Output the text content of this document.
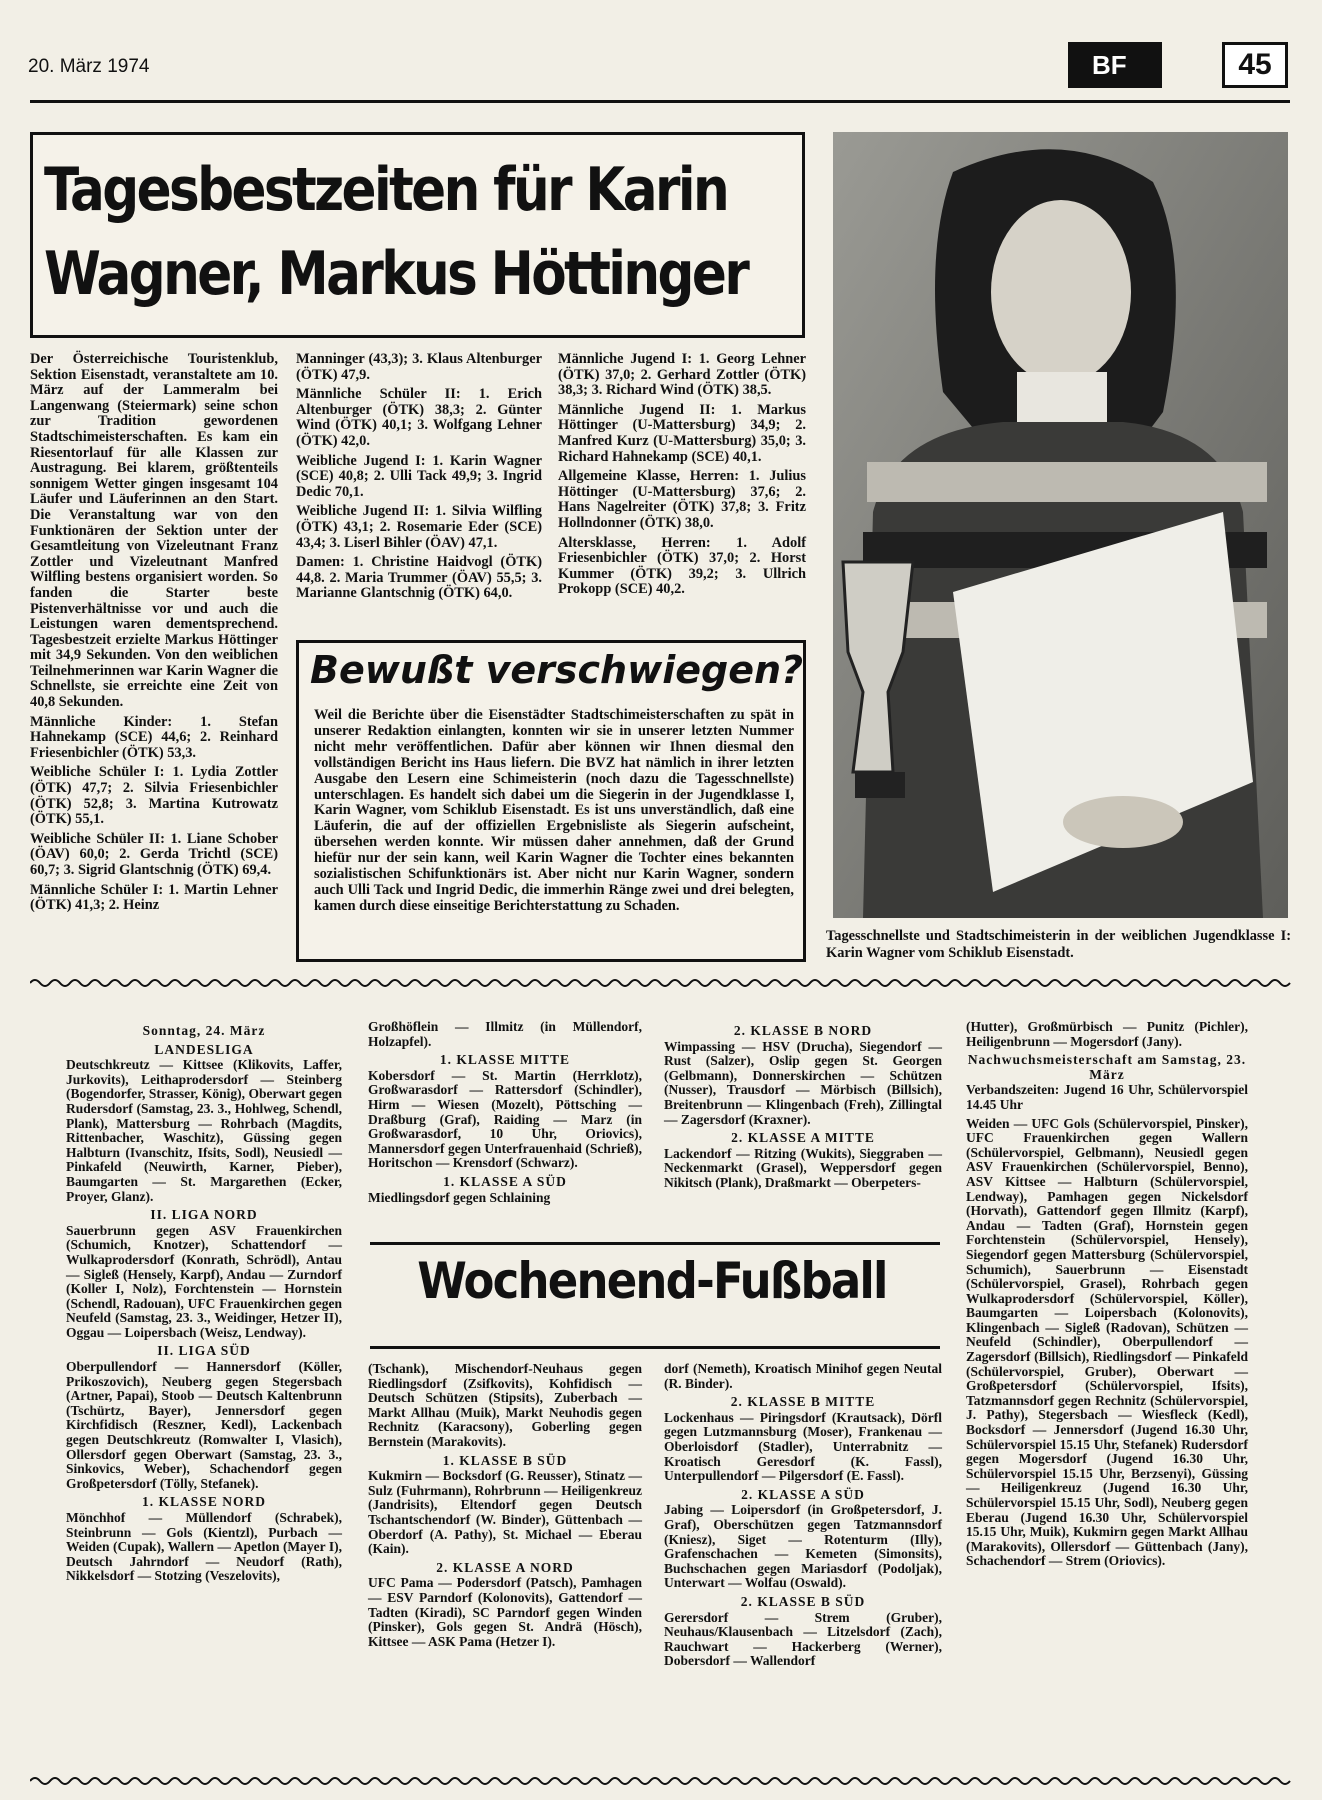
20. März 1974	BF	45
Tagesbestzeiten für Karin
Wagner, Markus Höttinger

Der Österreichische Touristenklub, Sektion Eisenstadt, veranstaltete am 10. März auf der Lammeralm bei Langenwang (Steiermark) seine schon zur Tradition gewordenen Stadtschimeisterschaften. Es kam ein Riesentorlauf für alle Klassen zur Austragung. Bei klarem, größtenteils sonnigem Wetter gingen insgesamt 104 Läufer und Läuferinnen an den Start. Die Veranstaltung war von den Funktionären der Sektion unter der Gesamtleitung von Vizeleutnant Franz Zottler und Vizeleutnant Manfred Wilfling bestens organisiert worden. So fanden die Starter beste Pistenverhältnisse vor und auch die Leistungen waren dementsprechend. Tagesbestzeit erzielte Markus Höttinger mit 34,9 Sekunden. Von den weiblichen Teilnehmerinnen war Karin Wagner die Schnellste, sie erreichte eine Zeit von 40,8 Sekunden.

Männliche Kinder: 1. Stefan Hahnekamp (SCE) 44,6; 2. Reinhard Friesenbichler (ÖTK) 53,3.

Weibliche Schüler I: 1. Lydia Zottler (ÖTK) 47,7; 2. Silvia Friesenbichler (ÖTK) 52,8; 3. Martina Kutrowatz (ÖTK) 55,1.

Weibliche Schüler II: 1. Liane Schober (ÖAV) 60,0; 2. Gerda Trichtl (SCE) 60,7; 3. Sigrid Glantschnig (ÖTK) 69,4.

Männliche Schüler I: 1. Martin Lehner (ÖTK) 41,3; 2. Heinz

Manninger (43,3); 3. Klaus Altenburger (ÖTK) 47,9.

Männliche Schüler II: 1. Erich Altenburger (ÖTK) 38,3; 2. Günter Wind (ÖTK) 40,1; 3. Wolfgang Lehner (ÖTK) 42,0.

Weibliche Jugend I: 1. Karin Wagner (SCE) 40,8; 2. Ulli Tack 49,9; 3. Ingrid Dedic 70,1.

Weibliche Jugend II: 1. Silvia Wilfling (ÖTK) 43,1; 2. Rosemarie Eder (SCE) 43,4; 3. Liserl Bihler (ÖAV) 47,1.

Damen: 1. Christine Haidvogl (ÖTK) 44,8. 2. Maria Trummer (ÖAV) 55,5; 3. Marianne Glantschnig (ÖTK) 64,0.

Männliche Jugend I: 1. Georg Lehner (ÖTK) 37,0; 2. Gerhard Zottler (ÖTK) 38,3; 3. Richard Wind (ÖTK) 38,5.

Männliche Jugend II: 1. Markus Höttinger (U-Mattersburg) 34,9; 2. Manfred Kurz (U-Mattersburg) 35,0; 3. Richard Hahnekamp (SCE) 40,1.

Allgemeine Klasse, Herren: 1. Julius Höttinger (U-Mattersburg) 37,6; 2. Hans Nagelreiter (ÖTK) 37,8; 3. Fritz Hollndonner (ÖTK) 38,0.

Altersklasse, Herren: 1. Adolf Friesenbichler (ÖTK) 37,0; 2. Horst Kummer (ÖTK) 39,2; 3. Ullrich Prokopp (SCE) 40,2.

Bewußt verschwiegen?
Weil die Berichte über die Eisenstädter Stadtschimeisterschaften zu spät in unserer Redaktion einlangten, konnten wir sie in unserer letzten Nummer nicht mehr veröffentlichen. Dafür aber können wir Ihnen diesmal den vollständigen Bericht ins Haus liefern. Die BVZ hat nämlich in ihrer letzten Ausgabe den Lesern eine Schimeisterin (noch dazu die Tagesschnellste) unterschlagen. Es handelt sich dabei um die Siegerin in der Jugendklasse I, Karin Wagner, vom Schiklub Eisenstadt. Es ist uns unverständlich, daß eine Läuferin, die auf der offiziellen Ergebnisliste als Siegerin aufscheint, übersehen werden konnte. Wir müssen daher annehmen, daß der Grund hiefür nur der sein kann, weil Karin Wagner die Tochter eines bekannten sozialistischen Schifunktionärs ist. Aber nicht nur Karin Wagner, sondern auch Ulli Tack und Ingrid Dedic, die immerhin Ränge zwei und drei belegten, kamen durch diese einseitige Berichterstattung zu Schaden.
Tagesschnellste und Stadtschimeisterin in der weiblichen Jugendklasse I: Karin Wagner vom Schiklub Eisenstadt.
Wochenend-Fußball
Sonntag, 24. März
LANDESLIGA

Deutschkreutz — Kittsee (Klikovits, Laffer, Jurkovits), Leithaprodersdorf — Steinberg (Bogendorfer, Strasser, König), Oberwart gegen Rudersdorf (Samstag, 23. 3., Hohlweg, Schendl, Plank), Mattersburg — Rohrbach (Magdits, Rittenbacher, Waschitz), Güssing gegen Halbturn (Ivanschitz, Ifsits, Sodl), Neusiedl — Pinkafeld (Neuwirth, Karner, Pieber), Baumgarten — St. Margarethen (Ecker, Proyer, Glanz).

II. LIGA NORD

Sauerbrunn gegen ASV Frauenkirchen (Schumich, Knotzer), Schattendorf — Wulkaprodersdorf (Konrath, Schrödl), Antau — Sigleß (Hensely, Karpf), Andau — Zurndorf (Koller I, Nolz), Forchtenstein — Hornstein (Schendl, Radouan), UFC Frauenkirchen gegen Neufeld (Samstag, 23. 3., Weidinger, Hetzer II), Oggau — Loipersbach (Weisz, Lendway).

II. LIGA SÜD

Oberpullendorf — Hannersdorf (Köller, Prikoszovich), Neuberg gegen Stegersbach (Artner, Papai), Stoob — Deutsch Kaltenbrunn (Tschürtz, Bayer), Jennersdorf gegen Kirchfidisch (Reszner, Kedl), Lackenbach gegen Deutschkreutz (Romwalter I, Vlasich), Ollersdorf gegen Oberwart (Samstag, 23. 3., Sinkovics, Weber), Schachendorf gegen Großpetersdorf (Tölly, Stefanek).

1. KLASSE NORD

Mönchhof — Müllendorf (Schrabek), Steinbrunn — Gols (Kientzl), Purbach — Weiden (Cupak), Wallern — Apetlon (Mayer I), Deutsch Jahrndorf — Neudorf (Rath), Nikkelsdorf — Stotzing (Veszelovits),

Großhöflein — Illmitz (in Müllendorf, Holzapfel).

1. KLASSE MITTE

Kobersdorf — St. Martin (Herrklotz), Großwarasdorf — Rattersdorf (Schindler), Hirm — Wiesen (Mozelt), Pöttsching — Draßburg (Graf), Raiding — Marz (in Großwarasdorf, 10 Uhr, Oriovics), Mannersdorf gegen Unterfrauenhaid (Schrieß), Horitschon — Krensdorf (Schwarz).

1. KLASSE A SÜD

Miedlingsdorf gegen Schlaining

2. KLASSE B NORD

Wimpassing — HSV (Drucha), Siegendorf — Rust (Salzer), Oslip gegen St. Georgen (Gelbmann), Donnerskirchen — Schützen (Nusser), Trausdorf — Mörbisch (Billsich), Breitenbrunn — Klingenbach (Freh), Zillingtal — Zagersdorf (Kraxner).

2. KLASSE A MITTE

Lackendorf — Ritzing (Wukits), Sieggraben — Neckenmarkt (Grasel), Weppersdorf gegen Nikitsch (Plank), Draßmarkt — Oberpeters-

(Hutter), Großmürbisch — Punitz (Pichler), Heiligenbrunn — Mogersdorf (Jany).

Nachwuchsmeisterschaft am Samstag, 23. März

Verbandszeiten: Jugend 16 Uhr, Schülervorspiel 14.45 Uhr

Weiden — UFC Gols (Schülervorspiel, Pinsker), UFC Frauenkirchen gegen Wallern (Schülervorspiel, Gelbmann), Neusiedl gegen ASV Frauenkirchen (Schülervorspiel, Benno), ASV Kittsee — Halbturn (Schülervorspiel, Lendway), Pamhagen gegen Nickelsdorf (Horvath), Gattendorf gegen Illmitz (Karpf), Andau — Tadten (Graf), Hornstein gegen Forchtenstein (Schülervorspiel, Hensely), Siegendorf gegen Mattersburg (Schülervorspiel, Schumich), Sauerbrunn — Eisenstadt (Schülervorspiel, Grasel), Rohrbach gegen Wulkaprodersdorf (Schülervorspiel, Köller), Baumgarten — Loipersbach (Kolonovits), Klingenbach — Sigleß (Radovan), Schützen — Neufeld (Schindler), Oberpullendorf — Zagersdorf (Billsich), Riedlingsdorf — Pinkafeld (Schülervorspiel, Gruber), Oberwart — Großpetersdorf (Schülervorspiel, Ifsits), Tatzmannsdorf gegen Rechnitz (Schülervorspiel, J. Pathy), Stegersbach — Wiesfleck (Kedl), Bocksdorf — Jennersdorf (Jugend 16.30 Uhr, Schülervorspiel 15.15 Uhr, Stefanek) Rudersdorf gegen Mogersdorf (Jugend 16.30 Uhr, Schülervorspiel 15.15 Uhr, Berzsenyi), Güssing — Heiligenkreuz (Jugend 16.30 Uhr, Schülervorspiel 15.15 Uhr, Sodl), Neuberg gegen Eberau (Jugend 16.30 Uhr, Schülervorspiel 15.15 Uhr, Muik), Kukmirn gegen Markt Allhau (Marakovits), Ollersdorf — Güttenbach (Jany), Schachendorf — Strem (Oriovics).

(Tschank), Mischendorf-Neuhaus gegen Riedlingsdorf (Zsifkovits), Kohfidisch — Deutsch Schützen (Stipsits), Zuberbach — Markt Allhau (Muik), Markt Neuhodis gegen Rechnitz (Karacsony), Goberling gegen Bernstein (Marakovits).

1. KLASSE B SÜD

Kukmirn — Bocksdorf (G. Reusser), Stinatz — Sulz (Fuhrmann), Rohrbrunn — Heiligenkreuz (Jandrisits), Eltendorf gegen Deutsch Tschantschendorf (W. Binder), Güttenbach — Oberdorf (A. Pathy), St. Michael — Eberau (Kain).

2. KLASSE A NORD

UFC Pama — Podersdorf (Patsch), Pamhagen — ESV Parndorf (Kolonovits), Gattendorf — Tadten (Kiradi), SC Parndorf gegen Winden (Pinsker), Gols gegen St. Andrä (Hösch), Kittsee — ASK Pama (Hetzer I).

dorf (Nemeth), Kroatisch Minihof gegen Neutal (R. Binder).

2. KLASSE B MITTE

Lockenhaus — Piringsdorf (Krautsack), Dörfl gegen Lutzmannsburg (Moser), Frankenau — Oberloisdorf (Stadler), Unterrabnitz — Kroatisch Geresdorf (K. Fassl), Unterpullendorf — Pilgersdorf (E. Fassl).

2. KLASSE A SÜD

Jabing — Loipersdorf (in Großpetersdorf, J. Graf), Oberschützen gegen Tatzmannsdorf (Kniesz), Siget — Rotenturm (Illy), Grafenschachen — Kemeten (Simonsits), Buchschachen gegen Mariasdorf (Podoljak), Unterwart — Wolfau (Oswald).

2. KLASSE B SÜD

Gerersdorf — Strem (Gruber), Neuhaus/Klausenbach — Litzelsdorf (Zach), Rauchwart — Hackerberg (Werner), Dobersdorf — Wallendorf
